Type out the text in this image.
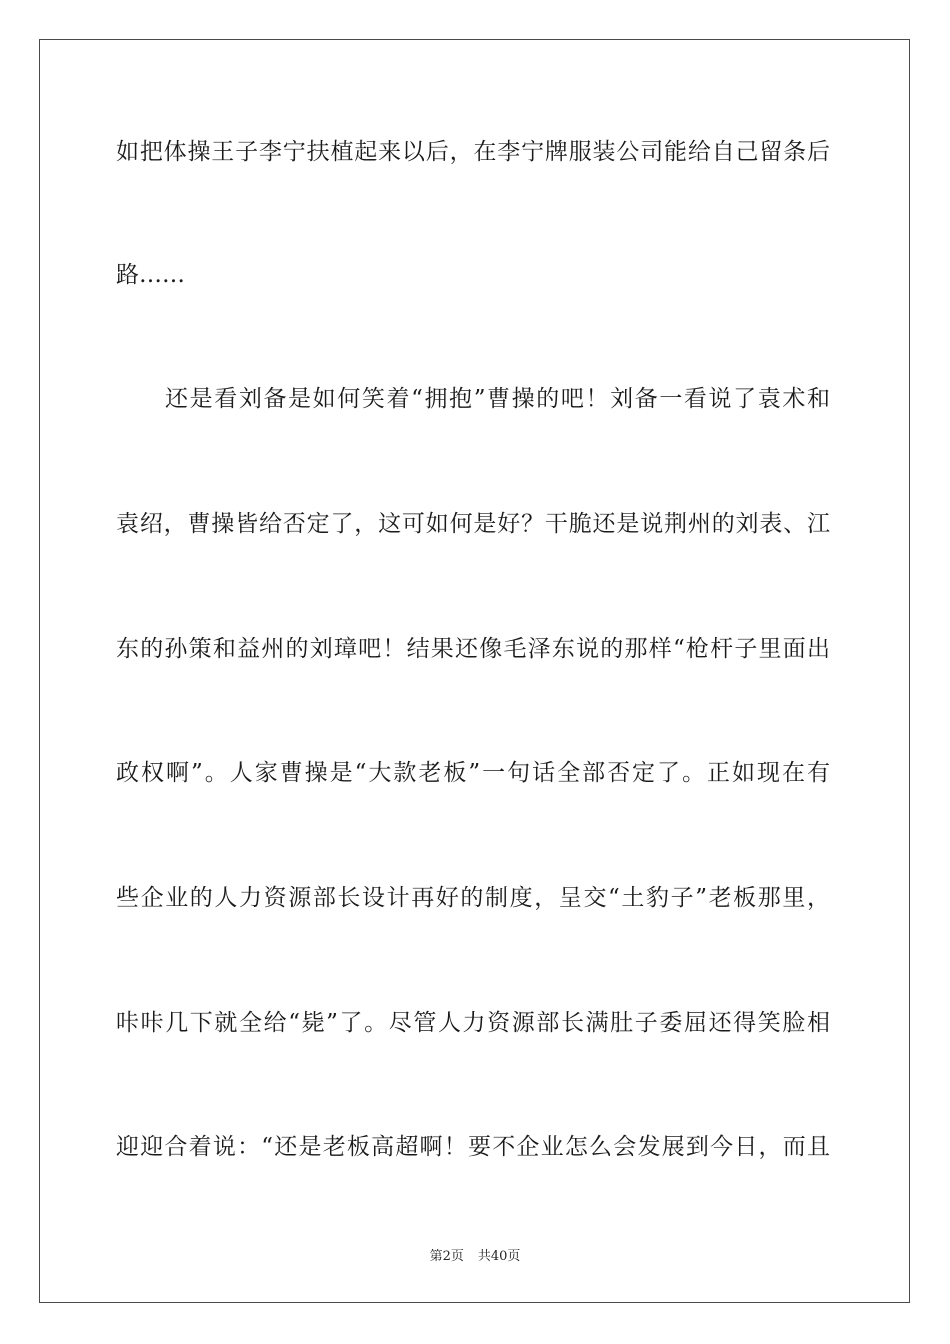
如把体操王子李宁扶植起来以后，在李宁牌服装公司能给自己留条后
路……
还是看刘备是如何笑着“拥抱”曹操的吧！刘备一看说了袁术和
袁绍，曹操皆给否定了，这可如何是好？干脆还是说荆州的刘表、江
东的孙策和益州的刘璋吧！结果还像毛泽东说的那样“枪杆子里面出
政权啊”。人家曹操是“大款老板”一句话全部否定了。正如现在有
些企业的人力资源部长设计再好的制度，呈交“土豹子”老板那里，
咔咔几下就全给“毙”了。尽管人力资源部长满肚子委屈还得笑脸相
迎迎合着说：“还是老板高超啊！要不企业怎么会发展到今日，而且
第2页 共40页
